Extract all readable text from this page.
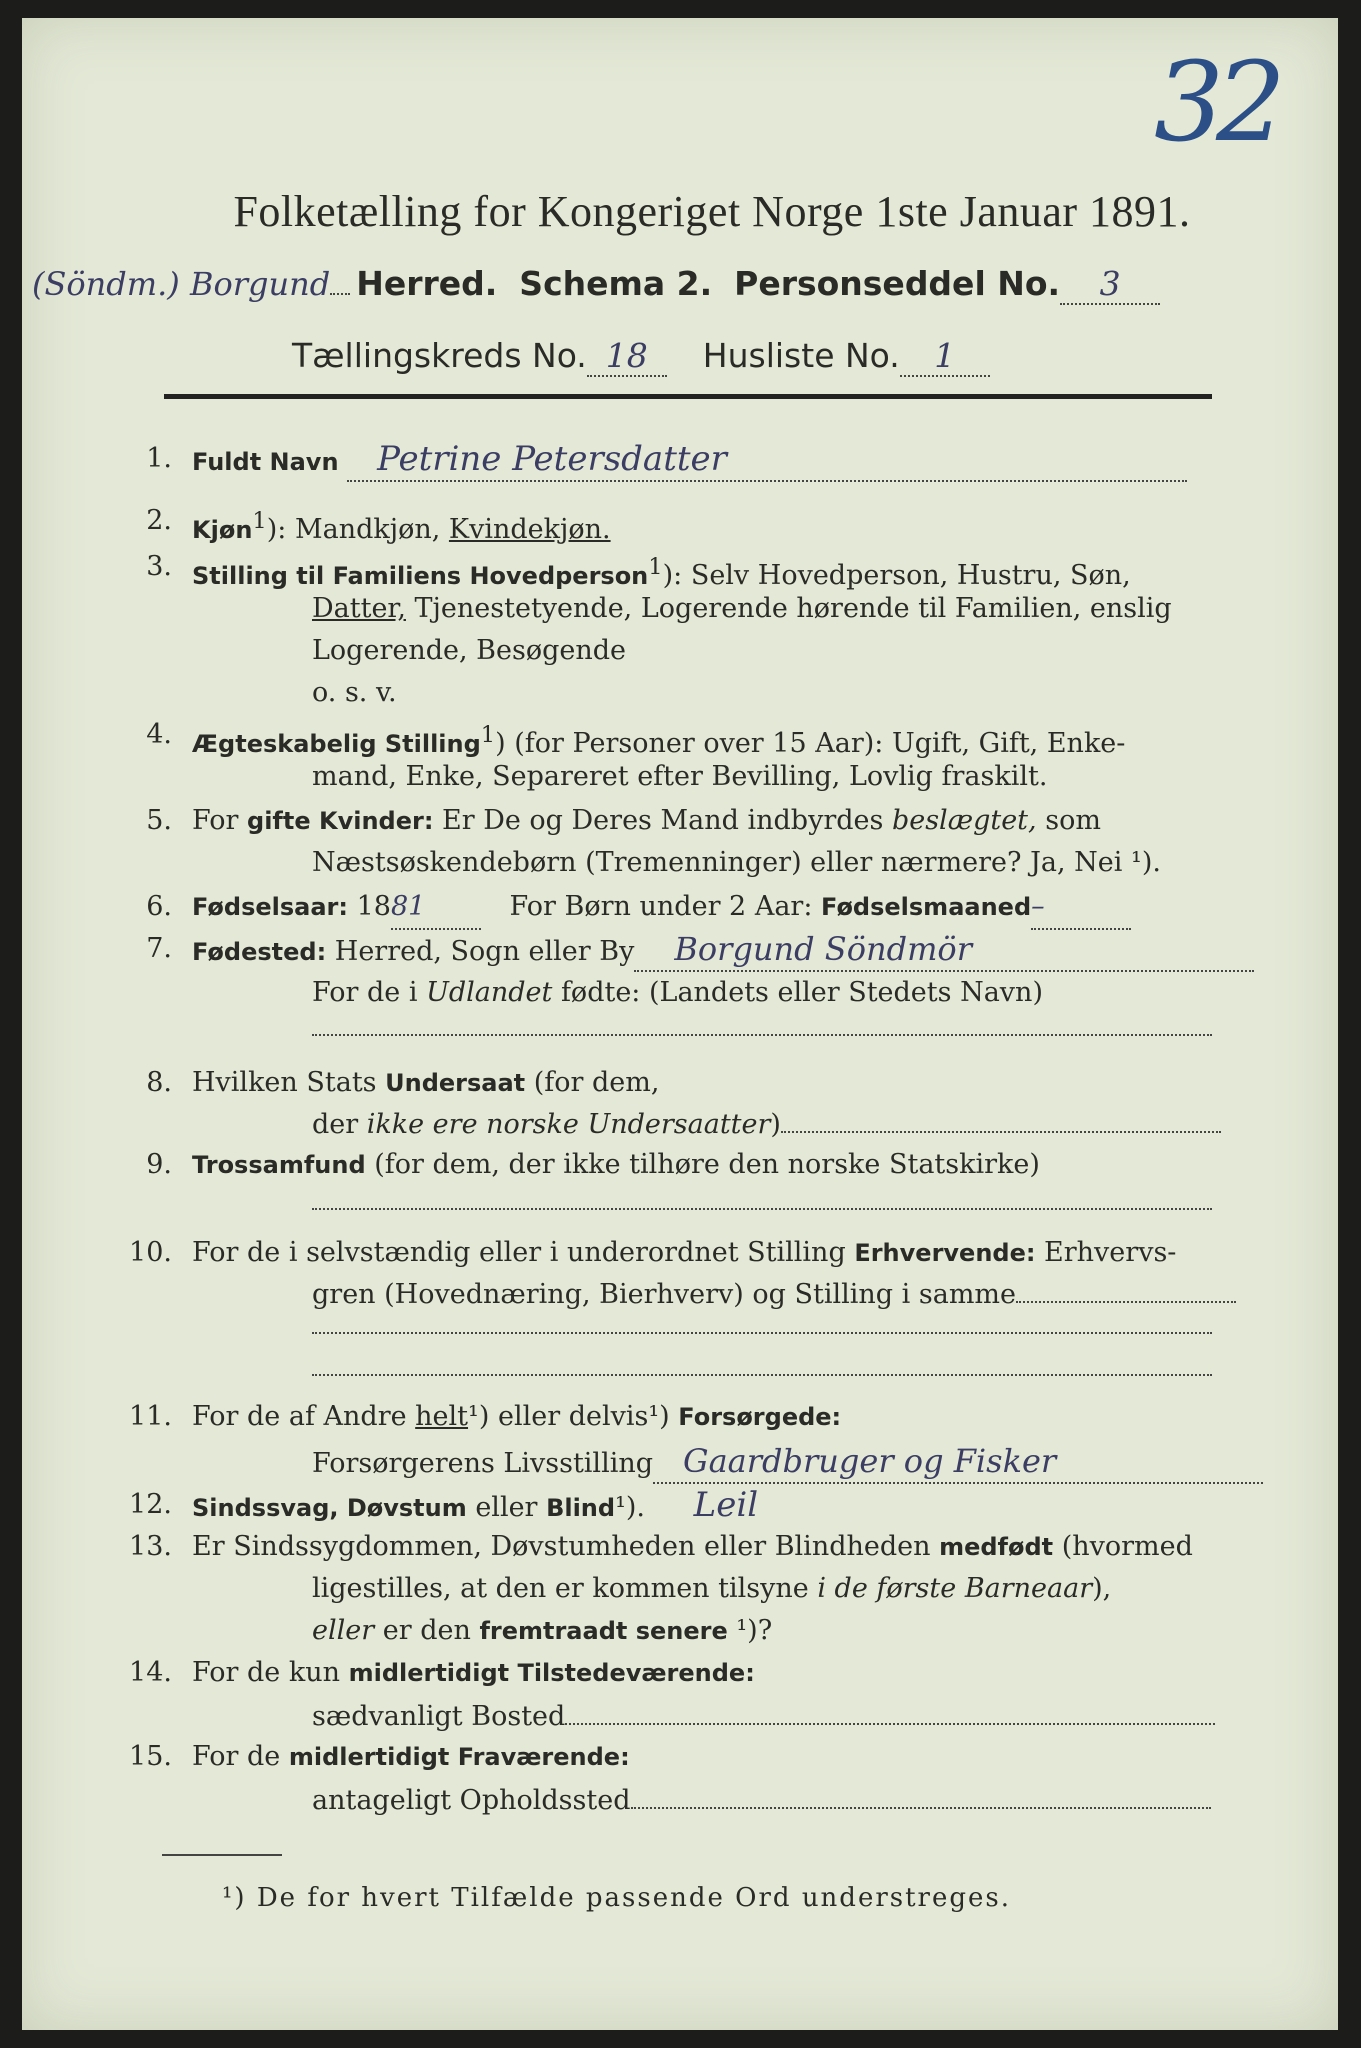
32
Folketælling for Kongeriget Norge 1ste Januar 1891.
(Söndm.) Borgund Herred. Schema 2. Personseddel No.	3
Tællingskreds No. 18	Husliste No.	1
1. Fuldt Navn Petrine Petersdatter
2. Kjøn$^1$): Mandkjøn, Kvindekjøn.
3. Stilling til Familiens Hovedperson$^1$): Selv Hovedperson, Hustru, Søn,
Datter, Tjenestetyende, Logerende hørende til Familien, enslig
Logerende, Besøgende
o. s. v.
4. Ægteskabelig Stilling$^1$) (for Personer over 15 Aar): Ugift, Gift, Enke-
mand, Enke, Separeret efter Bevilling, Lovlig fraskilt.
5. For gifte Kvinder: Er De og Deres Mand indbyrdes beslægtet, som
Næstsøskendebørn (Tremenninger) eller nærmere? Ja, Nei ¹).
6. Fødselsaar: 1881	For Børn under 2 Aar: Fødselsmaaned–
7. Fødested: Herred, Sogn eller By Borgund Söndmör
For de i Udlandet fødte: (Landets eller Stedets Navn)
8. Hvilken Stats Undersaat (for dem,
der ikke ere norske Undersaatter)
9. Trossamfund (for dem, der ikke tilhøre den norske Statskirke)
10. For de i selvstændig eller i underordnet Stilling Erhvervende: Erhvervs-
gren (Hovednæring, Bierhverv) og Stilling i samme
11. For de af Andre helt¹) eller delvis¹) Forsørgede:
Forsørgerens Livsstilling Gaardbruger og Fisker
12. Sindssvag, Døvstum eller Blind¹). Leil
13. Er Sindssygdommen, Døvstumheden eller Blindheden medfødt (hvormed
ligestilles, at den er kommen tilsyne i de første Barneaar),
eller er den fremtraadt senere ¹)?
14. For de kun midlertidigt Tilstedeværende:
sædvanligt Bosted
15. For de midlertidigt Fraværende:
antageligt Opholdssted
¹) De for hvert Tilfælde passende Ord understreges.
